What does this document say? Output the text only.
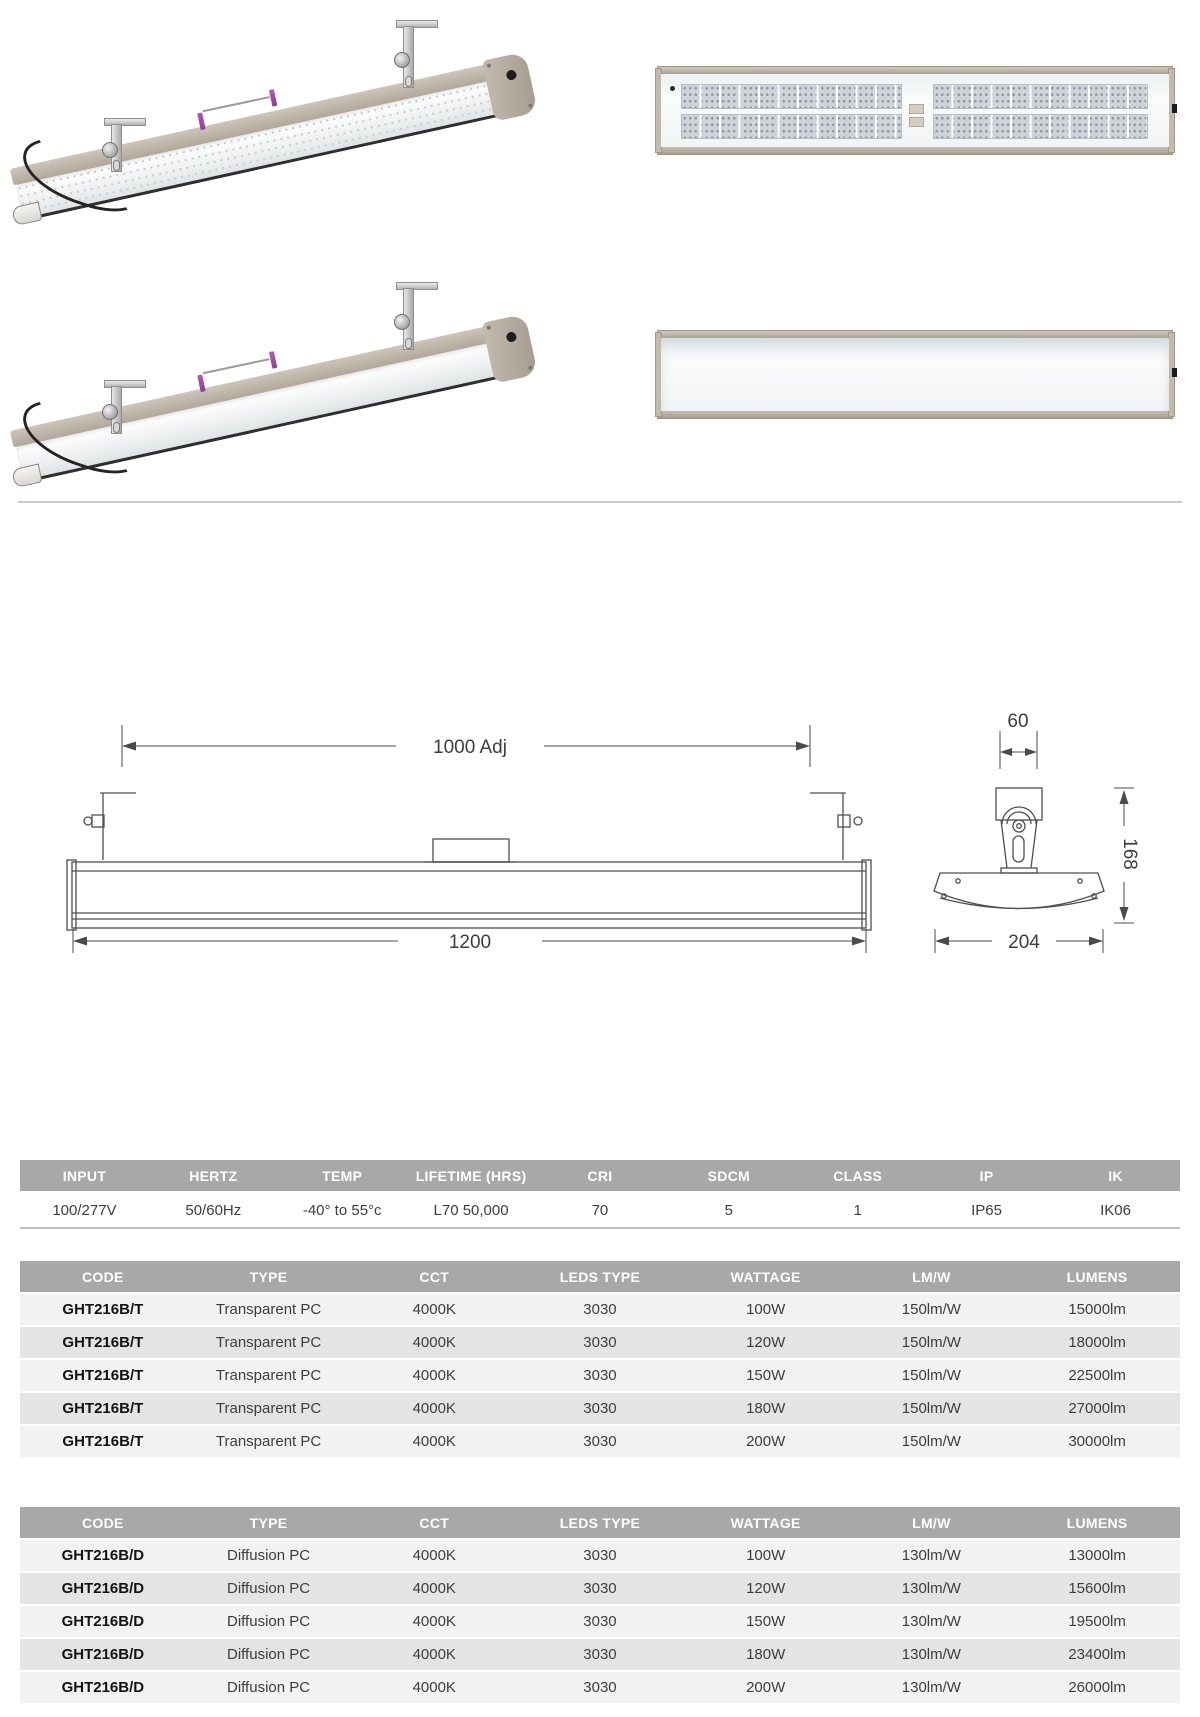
1000 Adj
1200
60
168
204
INPUT	HERTZ	TEMP	LIFETIME (HRS)	CRI	SDCM	CLASS	IP	IK
100/277V	50/60Hz	-40° to 55°c	L70 50,000	70	5	1	IP65	IK06
CODE	TYPE	CCT	LEDS TYPE	WATTAGE	LM/W	LUMENS
GHT216B/T	Transparent PC	4000K	3030	100W	150lm/W	15000lm
GHT216B/T	Transparent PC	4000K	3030	120W	150lm/W	18000lm
GHT216B/T	Transparent PC	4000K	3030	150W	150lm/W	22500lm
GHT216B/T	Transparent PC	4000K	3030	180W	150lm/W	27000lm
GHT216B/T	Transparent PC	4000K	3030	200W	150lm/W	30000lm
CODE	TYPE	CCT	LEDS TYPE	WATTAGE	LM/W	LUMENS
GHT216B/D	Diffusion PC	4000K	3030	100W	130lm/W	13000lm
GHT216B/D	Diffusion PC	4000K	3030	120W	130lm/W	15600lm
GHT216B/D	Diffusion PC	4000K	3030	150W	130lm/W	19500lm
GHT216B/D	Diffusion PC	4000K	3030	180W	130lm/W	23400lm
GHT216B/D	Diffusion PC	4000K	3030	200W	130lm/W	26000lm
